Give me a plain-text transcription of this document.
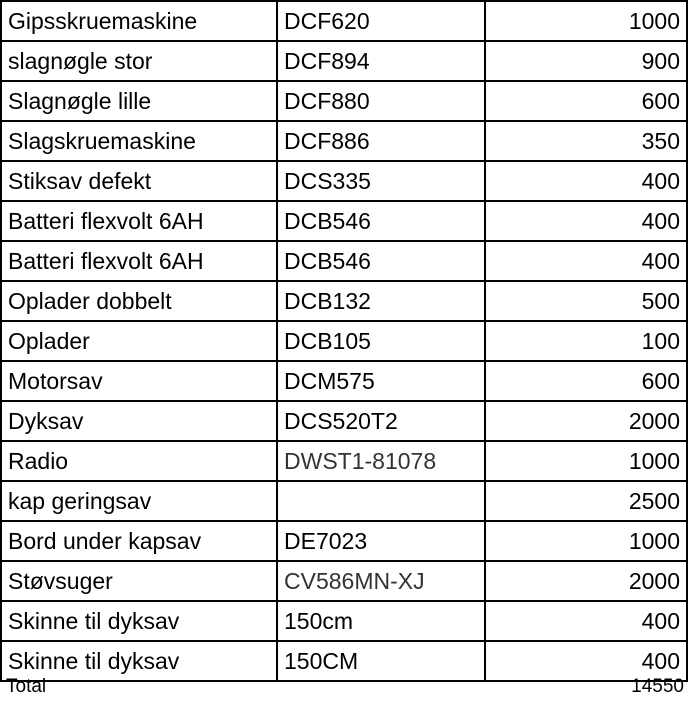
Gipsskruemaskine	DCF620	1000
slagnøgle stor	DCF894	900
Slagnøgle lille	DCF880	600
Slagskruemaskine	DCF886	350
Stiksav defekt	DCS335	400
Batteri flexvolt 6AH	DCB546	400
Batteri flexvolt 6AH	DCB546	400
Oplader dobbelt	DCB132	500
Oplader	DCB105	100
Motorsav	DCM575	600
Dyksav	DCS520T2	2000
Radio	DWST1-81078	1000
kap geringsav		2500
Bord under kapsav	DE7023	1000
Støvsuger	CV586MN-XJ	2000
Skinne til dyksav	150cm	400
Skinne til dyksav	150CM	400
Total	14550
